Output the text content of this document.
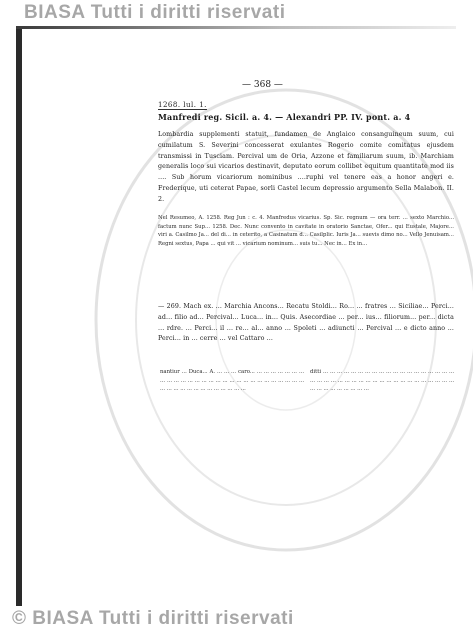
BIASA Tutti i diritti riservati
— 368 —
1268. lul. 1.
Manfredi reg. Sicil. a. 4. — Alexandri PP. IV. pont. a. 4
Lombardia supplementi statuit, fundamen de Anglaico consanguineum suum, cui cumilatum S. Severini concesserat exulantes Rogerio comite comitatus ejusdem transmissi in Tusciam. Percival um de Oria, Azzone et familiarum suum, ib. Marchiam generalis loco sui vicarios destinavit, deputato eorum collibet equitum quantitate mod iis .... Sub horum vicariorum nominibus ....ruphi vel tenere eas a honor angeri e. Frederique, uti ceterat Papae, sorli Castel lecum depressio argumento Sella Malabon. II. 2.
Nel Resumeo, A. 1258. Reg Jun : c. 4. Manfredus vicarius. Sp. Sic. regnum — ora terr. ... sexto Marchio... factum nunc Sup... 1258. Dec. Nunc convento in cavitate in oratorio Sanctae, Ofer... qui Eustale, Majore... viri a. Casilmo Ja... del di... in ceterito, a Casinatum d... Casilplic. Iuris Ja... suevis dimo no... Vello Jenuisam... Regni sextus, Papa ... qui vit ... vicarium nominum... suis tu... Nec in... Ex in...
— 269. Mach ex. ... Marchia Ancons... Recatu Stoldi... Ro... ... fratres ... Siciliae... Perci... ad... filio ad... Percival... Luca... in... Quis. Asecordiae ... per... ius... filiorum... per... dicta ... rdre. ... Perci... il ... re... al... anno ... Spoleti ... adiuncti ... Percival ... e dicto anno ... Perci... in ... cerre ... vel Cattaro ...

nantiur ... Duca... A. ... ... ... caro... ... ... ... ... ... ... ... ... ... ... ... ... ... ... ... ... ... ... ... ... ... ... ... ... ... ... ... ... ... ... ... ... ... ... ... ... ... ... ... ... ...

ditti ... ... ... ... ... ... ... ... ... ... ... ... ... ... ... ... ... ... ... ... ... ... ... ... ... ... ... ... ... ... ... ... ... ... ... ... ... ... ... ... ... ... ... ... ... ... ... ... ...

© BIASA Tutti i diritti riservati
